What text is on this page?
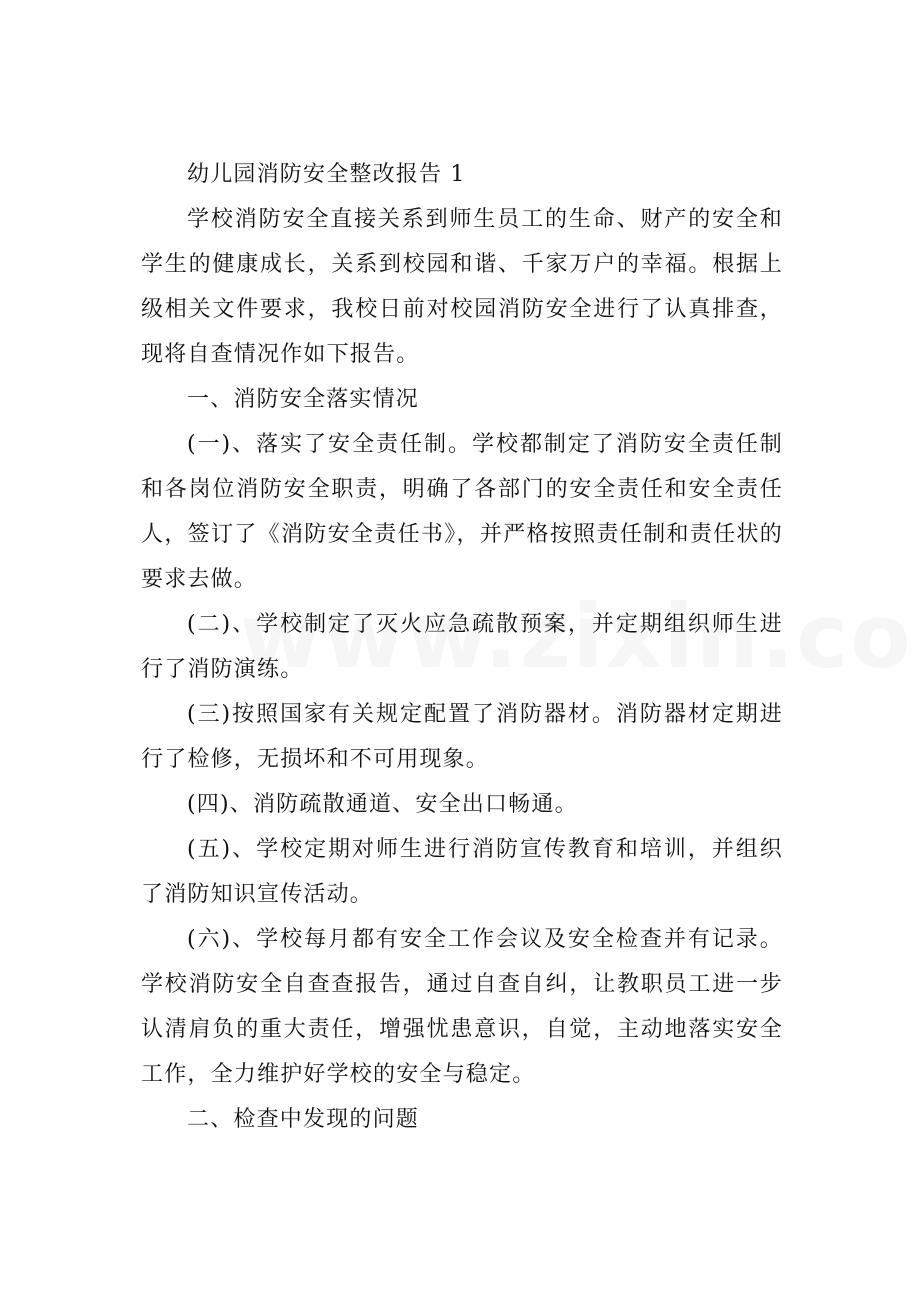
幼儿园消防安全整改报告 1

学校消防安全直接关系到师生员工的生命、财产的安全和学生的健康成长，关系到校园和谐、千家万户的幸福。根据上级相关文件要求，我校日前对校园消防安全进行了认真排查，现将自查情况作如下报告。

一、消防安全落实情况

(一)、落实了安全责任制。学校都制定了消防安全责任制和各岗位消防安全职责，明确了各部门的安全责任和安全责任人，签订了《消防安全责任书》，并严格按照责任制和责任状的要求去做。

(二)、学校制定了灭火应急疏散预案，并定期组织师生进行了消防演练。

(三)按照国家有关规定配置了消防器材。消防器材定期进行了检修，无损坏和不可用现象。

(四)、消防疏散通道、安全出口畅通。

(五)、学校定期对师生进行消防宣传教育和培训，并组织了消防知识宣传活动。

(六)、学校每月都有安全工作会议及安全检查并有记录。学校消防安全自查查报告，通过自查自纠，让教职员工进一步认清肩负的重大责任，增强忧患意识，自觉，主动地落实安全工作，全力维护好学校的安全与稳定。

二、检查中发现的问题
